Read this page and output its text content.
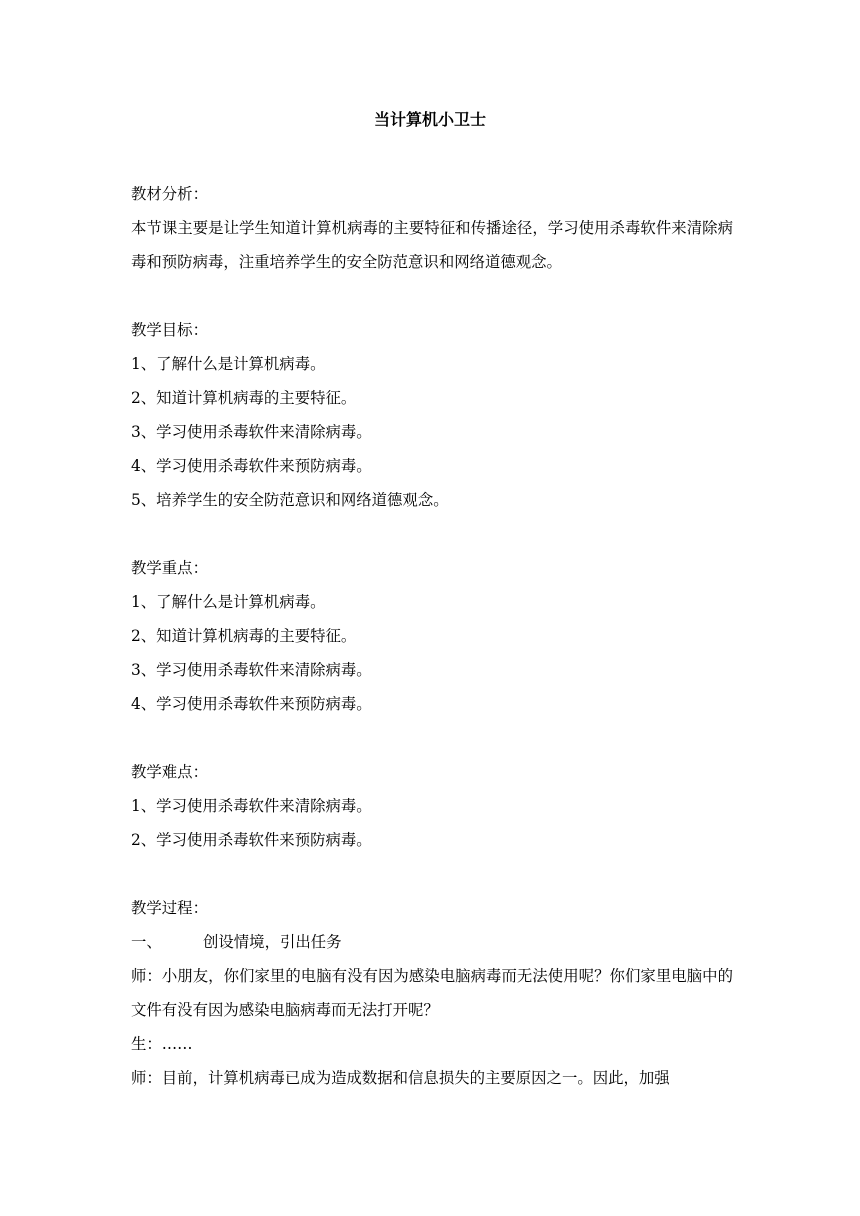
当计算机小卫士
教材分析：
本节课主要是让学生知道计算机病毒的主要特征和传播途径，学习使用杀毒软件来清除病毒和预防病毒，注重培养学生的安全防范意识和网络道德观念。
教学目标：
1、了解什么是计算机病毒。
2、知道计算机病毒的主要特征。
3、学习使用杀毒软件来清除病毒。
4、学习使用杀毒软件来预防病毒。
5、培养学生的安全防范意识和网络道德观念。
教学重点：
1、了解什么是计算机病毒。
2、知道计算机病毒的主要特征。
3、学习使用杀毒软件来清除病毒。
4、学习使用杀毒软件来预防病毒。
教学难点：
1、学习使用杀毒软件来清除病毒。
2、学习使用杀毒软件来预防病毒。
教学过程：
一、	创设情境，引出任务
师：小朋友，你们家里的电脑有没有因为感染电脑病毒而无法使用呢？你们家里电脑中的文件有没有因为感染电脑病毒而无法打开呢？
生：……
师：目前，计算机病毒已成为造成数据和信息损失的主要原因之一。因此，加强
